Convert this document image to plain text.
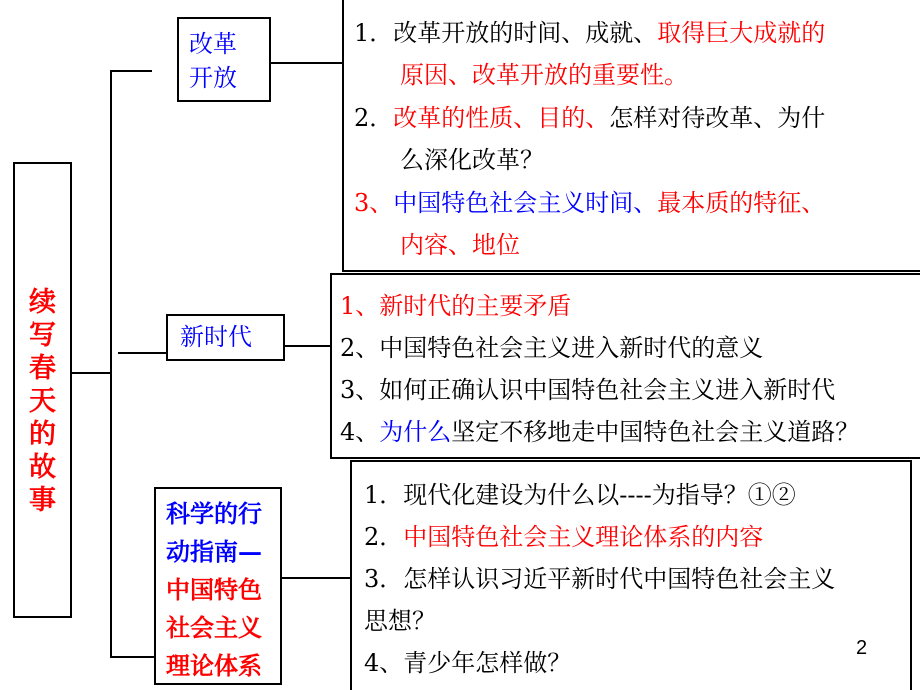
续
写
春
天
的
故
事
改革
开放
1．改革开放的时间、成就、取得巨大成就的
原因、改革开放的重要性。
2．改革的性质、目的、怎样对待改革、为什
么深化改革？
3、中国特色社会主义时间、最本质的特征、
内容、地位
新时代
1、新时代的主要矛盾
2、中国特色社会主义进入新时代的意义
3、如何正确认识中国特色社会主义进入新时代
4、为什么坚定不移地走中国特色社会主义道路？
科学的行
动指南—
中国特色
社会主义
理论体系
1．现代化建设为什么以----为指导？①②
2．中国特色社会主义理论体系的内容
3．怎样认识习近平新时代中国特色社会主义
思想？
4、青少年怎样做？
2
